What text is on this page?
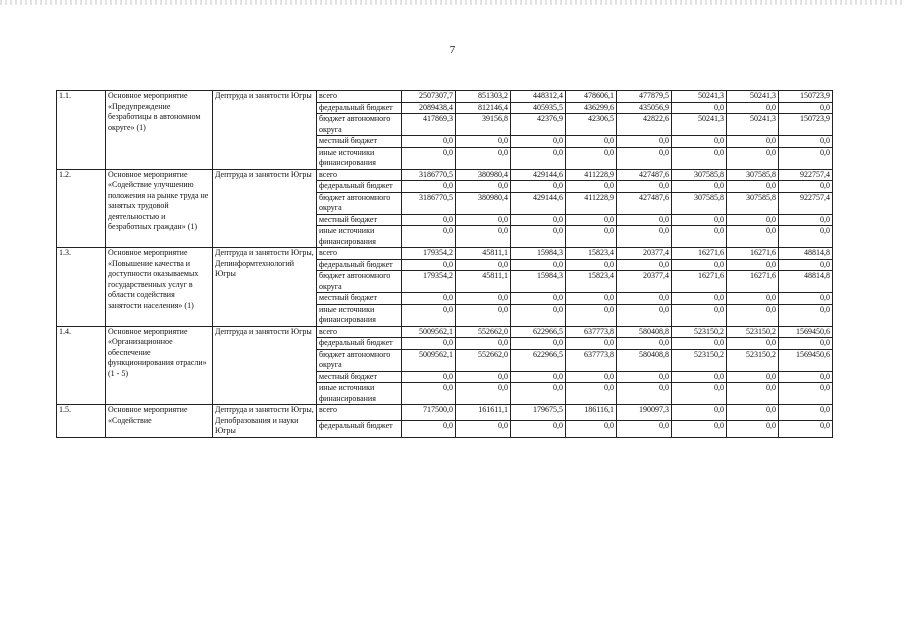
7
1.1.	Основное мероприятие «Предупреждение безработицы в автономном округе» (1)	Дептруда и занятости Югры	всего	2507307,7	851303,2	448312,4	478606,1	477879,5	50241,3	50241,3	150723,9
			федеральный бюджет	2089438,4	812146,4	405935,5	436299,6	435056,9	0,0	0,0	0,0
			бюджет автономного округа	417869,3	39156,8	42376,9	42306,5	42822,6	50241,3	50241,3	150723,9
			местный бюджет	0,0	0,0	0,0	0,0	0,0	0,0	0,0	0,0
			иные источники финансирования	0,0	0,0	0,0	0,0	0,0	0,0	0,0	0,0
1.2.	Основное мероприятие «Содействие улучшению положения на рынке труда не занятых трудовой деятельностью и безработных граждан» (1)	Дептруда и занятости Югры	всего	3186770,5	380980,4	429144,6	411228,9	427487,6	307585,8	307585,8	922757,4
			федеральный бюджет	0,0	0,0	0,0	0,0	0,0	0,0	0,0	0,0
			бюджет автономного округа	3186770,5	380980,4	429144,6	411228,9	427487,6	307585,8	307585,8	922757,4
			местный бюджет	0,0	0,0	0,0	0,0	0,0	0,0	0,0	0,0
			иные источники финансирования	0,0	0,0	0,0	0,0	0,0	0,0	0,0	0,0
1.3.	Основное мероприятие «Повышение качества и доступности оказываемых государственных услуг в области содействия занятости населения» (1)	Дептруда и занятости Югры, Депинформтехнологий Югры	всего	179354,2	45811,1	15984,3	15823,4	20377,4	16271,6	16271,6	48814,8
			федеральный бюджет	0,0	0,0	0,0	0,0	0,0	0,0	0,0	0,0
			бюджет автономного округа	179354,2	45811,1	15984,3	15823,4	20377,4	16271,6	16271,6	48814,8
			местный бюджет	0,0	0,0	0,0	0,0	0,0	0,0	0,0	0,0
			иные источники финансирования	0,0	0,0	0,0	0,0	0,0	0,0	0,0	0,0
1.4.	Основное мероприятие «Организационное обеспечение функционирования отрасли» (1 - 5)	Дептруда и занятости Югры	всего	5009562,1	552662,0	622966,5	637773,8	580408,8	523150,2	523150,2	1569450,6
			федеральный бюджет	0,0	0,0	0,0	0,0	0,0	0,0	0,0	0,0
			бюджет автономного округа	5009562,1	552662,0	622966,5	637773,8	580408,8	523150,2	523150,2	1569450,6
			местный бюджет	0,0	0,0	0,0	0,0	0,0	0,0	0,0	0,0
			иные источники финансирования	0,0	0,0	0,0	0,0	0,0	0,0	0,0	0,0
1.5.	Основное мероприятие «Содействие	Дептруда и занятости Югры, Депобразования и науки Югры	всего	717500,0	161611,1	179675,5	186116,1	190097,3	0,0	0,0	0,0
			федеральный бюджет	0,0	0,0	0,0	0,0	0,0	0,0	0,0	0,0
